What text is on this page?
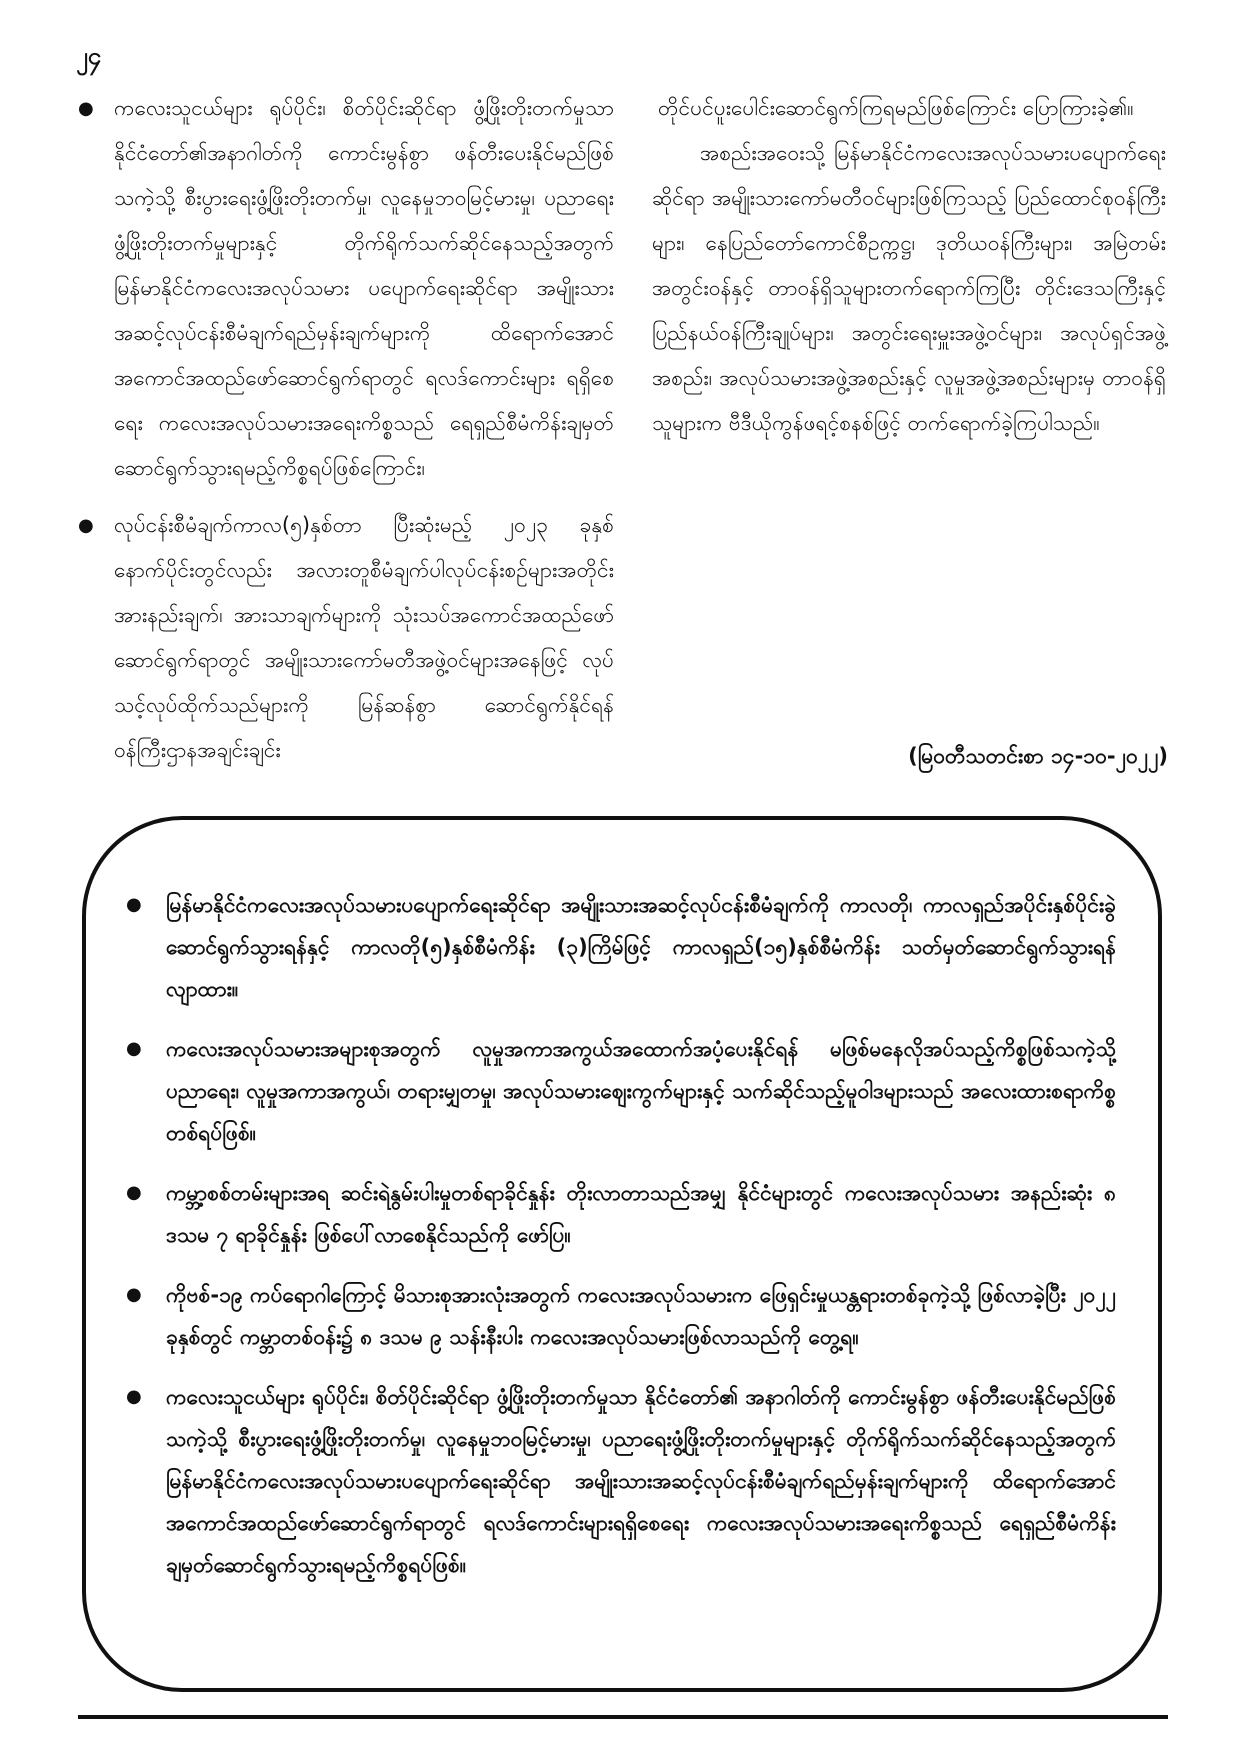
၂၄
● ကလေးသူငယ်များ ရုပ်ပိုင်း၊ စိတ်ပိုင်းဆိုင်ရာ ဖွံ့ဖြိုးတိုးတက်မှုသာ နိုင်ငံတော်၏အနာဂါတ်ကို ကောင်းမွန်စွာ ဖန်တီးပေးနိုင်မည်ဖြစ်သကဲ့သို့ စီးပွားရေးဖွံ့ဖြိုးတိုးတက်မှု၊ လူနေမှုဘဝမြင့်မားမှု၊ ပညာရေးဖွံ့ဖြိုးတိုးတက်မှုများနှင့် တိုက်ရိုက်သက်ဆိုင်နေသည့်အတွက် မြန်မာနိုင်ငံကလေးအလုပ်သမား ပပျောက်ရေးဆိုင်ရာ အမျိုးသားအဆင့်လုပ်ငန်းစီမံချက်ရည်မှန်းချက်များကို ထိရောက်အောင် အကောင်အထည်ဖော်ဆောင်ရွက်ရာတွင် ရလဒ်ကောင်းများ ရရှိစေရေး ကလေးအလုပ်သမားအရေးကိစ္စသည် ရေရှည်စီမံကိန်းချမှတ်ဆောင်ရွက်သွားရမည့်ကိစ္စရပ်ဖြစ်ကြောင်း၊
● လုပ်ငန်းစီမံချက်ကာလ(၅)နှစ်တာ ပြီးဆုံးမည့် ၂၀၂၃ ခုနှစ်နောက်ပိုင်းတွင်လည်း အလားတူစီမံချက်ပါလုပ်ငန်းစဉ်များအတိုင်း အားနည်းချက်၊ အားသာချက်များကို သုံးသပ်အကောင်အထည်ဖော်ဆောင်ရွက်ရာတွင် အမျိုးသားကော်မတီအဖွဲ့ဝင်များအနေဖြင့် လုပ်သင့်လုပ်ထိုက်သည်များကို မြန်ဆန်စွာ ဆောင်ရွက်နိုင်ရန် ဝန်ကြီးဌာနအချင်းချင်း

တိုင်ပင်ပူးပေါင်းဆောင်ရွက်ကြရမည်ဖြစ်ကြောင်း ပြောကြားခဲ့၏။

အစည်းအဝေးသို့ မြန်မာနိုင်ငံကလေးအလုပ်သမားပပျောက်ရေးဆိုင်ရာ အမျိုးသားကော်မတီဝင်များဖြစ်ကြသည့် ပြည်ထောင်စုဝန်ကြီးများ၊ နေပြည်တော်ကောင်စီဥက္ကဋ္ဌ၊ ဒုတိယဝန်ကြီးများ၊ အမြဲတမ်းအတွင်းဝန်နှင့် တာဝန်ရှိသူများတက်ရောက်ကြပြီး တိုင်းဒေသကြီးနှင့် ပြည်နယ်ဝန်ကြီးချုပ်များ၊ အတွင်းရေးမှူးအဖွဲ့ဝင်များ၊ အလုပ်ရှင်အဖွဲ့အစည်း၊ အလုပ်သမားအဖွဲ့အစည်းနှင့် လူမှုအဖွဲ့အစည်းများမှ တာဝန်ရှိသူများက ဗီဒီယိုကွန်ဖရင့်စနစ်ဖြင့် တက်ရောက်ခဲ့ကြပါသည်။

(မြဝတီသတင်းစာ ၁၄-၁၀-၂၀၂၂)
● မြန်မာနိုင်ငံကလေးအလုပ်သမားပပျောက်ရေးဆိုင်ရာ အမျိုးသားအဆင့်လုပ်ငန်းစီမံချက်ကို ကာလတို၊ ကာလရှည်အပိုင်းနှစ်ပိုင်းခွဲ ဆောင်ရွက်သွားရန်နှင့် ကာလတို(၅)နှစ်စီမံကိန်း (၃)ကြိမ်ဖြင့် ကာလရှည်(၁၅)နှစ်စီမံကိန်း သတ်မှတ်ဆောင်ရွက်သွားရန် လျာထား။
● ကလေးအလုပ်သမားအများစုအတွက် လူမှုအကာအကွယ်အထောက်အပံ့ပေးနိုင်ရန် မဖြစ်မနေလိုအပ်သည့်ကိစ္စဖြစ်သကဲ့သို့ ပညာရေး၊ လူမှုအကာအကွယ်၊ တရားမျှတမှု၊ အလုပ်သမားဈေးကွက်များနှင့် သက်ဆိုင်သည့်မူဝါဒများသည် အလေးထားစရာကိစ္စတစ်ရပ်ဖြစ်။
● ကမ္ဘာ့စစ်တမ်းများအရ ဆင်းရဲနွမ်းပါးမှုတစ်ရာခိုင်နှုန်း တိုးလာတာသည်အမျှ နိုင်ငံများတွင် ကလေးအလုပ်သမား အနည်းဆုံး ၈ ဒသမ ၇ ရာခိုင်နှုန်း ဖြစ်ပေါ်လာစေနိုင်သည်ကို ဖော်ပြ။
● ကိုဗစ်-၁၉ ကပ်ရောဂါကြောင့် မိသားစုအားလုံးအတွက် ကလေးအလုပ်သမားက ဖြေရှင်းမှုယန္တရားတစ်ခုကဲ့သို့ ဖြစ်လာခဲ့ပြီး ၂၀၂၂ ခုနှစ်တွင် ကမ္ဘာတစ်ဝန်း၌ ၈ ဒသမ ၉ သန်းနီးပါး ကလေးအလုပ်သမားဖြစ်လာသည်ကို တွေ့ရ။
● ကလေးသူငယ်များ ရုပ်ပိုင်း၊ စိတ်ပိုင်းဆိုင်ရာ ဖွံ့ဖြိုးတိုးတက်မှုသာ နိုင်ငံတော်၏ အနာဂါတ်ကို ကောင်းမွန်စွာ ဖန်တီးပေးနိုင်မည်ဖြစ်သကဲ့သို့ စီးပွားရေးဖွံ့ဖြိုးတိုးတက်မှု၊ လူနေမှုဘဝမြင့်မားမှု၊ ပညာရေးဖွံ့ဖြိုးတိုးတက်မှုများနှင့် တိုက်ရိုက်သက်ဆိုင်နေသည့်အတွက် မြန်မာနိုင်ငံကလေးအလုပ်သမားပပျောက်ရေးဆိုင်ရာ အမျိုးသားအဆင့်လုပ်ငန်းစီမံချက်ရည်မှန်းချက်များကို ထိရောက်အောင် အကောင်အထည်ဖော်ဆောင်ရွက်ရာတွင် ရလဒ်ကောင်းများရရှိစေရေး ကလေးအလုပ်သမားအရေးကိစ္စသည် ရေရှည်စီမံကိန်း ချမှတ်ဆောင်ရွက်သွားရမည့်ကိစ္စရပ်ဖြစ်။
